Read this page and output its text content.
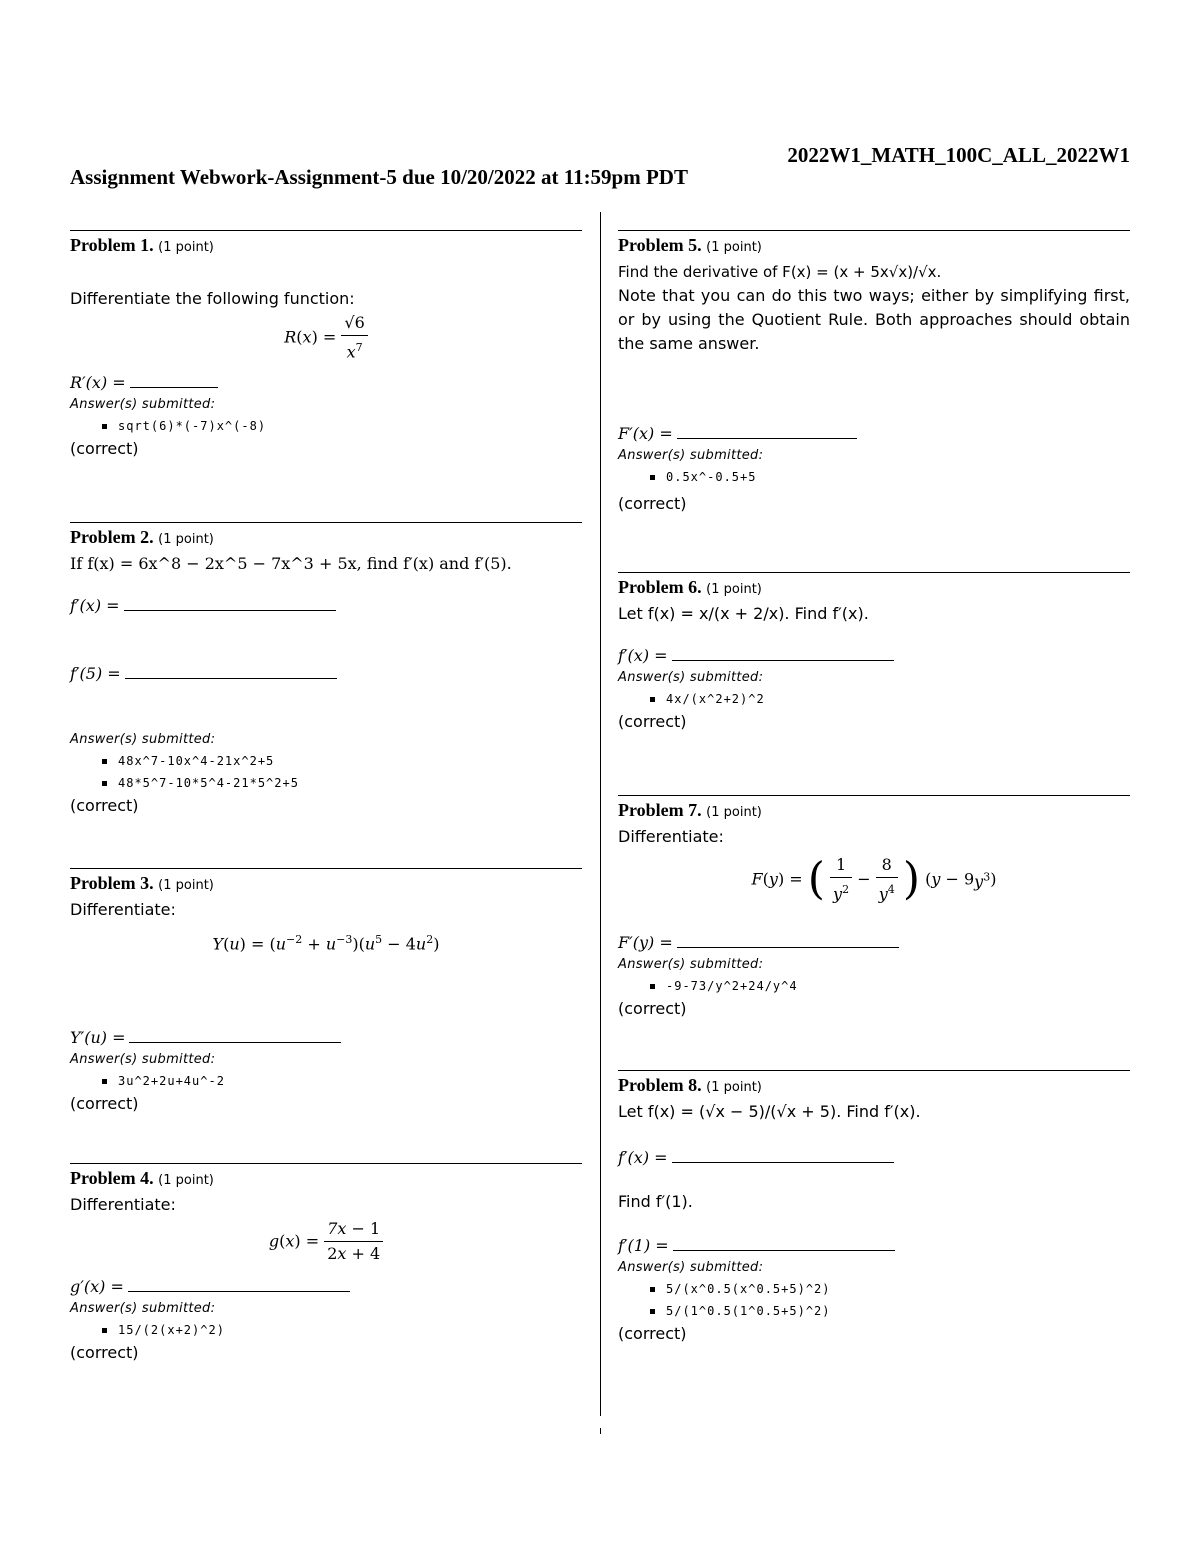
2022W1_MATH_100C_ALL_2022W1
Assignment Webwork-Assignment-5 due 10/20/2022 at 11:59pm PDT
Problem 1. (1 point)
Differentiate the following function:
$R(x) = \frac{√6}{x^7}$
R′(x) =
Answer(s) submitted:
sqrt(6)*(-7)x^(-8)
(correct)
Problem 2. (1 point)
If f(x) = 6x^8 − 2x^5 − 7x^3 + 5x, find f′(x) and f′(5).
f′(x) =
f′(5) =
Answer(s) submitted:
48x^7-10x^4-21x^2+5
48*5^7-10*5^4-21*5^2+5
(correct)
Problem 3. (1 point)
Differentiate:
$Y(u) = (u^{-2} + u^{-3})(u^5 - 4u^2)$
Y′(u) =
Answer(s) submitted:
3u^2+2u+4u^-2
(correct)
Problem 4. (1 point)
Differentiate:
$g(x) = \frac{7x - 1}{2x + 4}$
g′(x) =
Answer(s) submitted:
15/(2(x+2)^2)
(correct)
Problem 5. (1 point)
Find the derivative of F(x) = (x + 5x√x)/√x.
Note that you can do this two ways; either by simplifying first, or by using the Quotient Rule. Both approaches should obtain the same answer.
F′(x) =
Answer(s) submitted:
0.5x^-0.5+5
(correct)
Problem 6. (1 point)
Let f(x) = x/(x + 2/x). Find f′(x).
f′(x) =
Answer(s) submitted:
4x/(x^2+2)^2
(correct)
Problem 7. (1 point)
Differentiate:
F(y) = ( $\frac{1}{y^2} - \frac{8}{y^4}$ ) $(y - 9y^3)$
F′(y) =
Answer(s) submitted:
-9-73/y^2+24/y^4
(correct)
Problem 8. (1 point)
Let f(x) = (√x − 5)/(√x + 5). Find f′(x).
f′(x) =
Find f′(1).
f′(1) =
Answer(s) submitted:
5/(x^0.5(x^0.5+5)^2)
5/(1^0.5(1^0.5+5)^2)
(correct)
